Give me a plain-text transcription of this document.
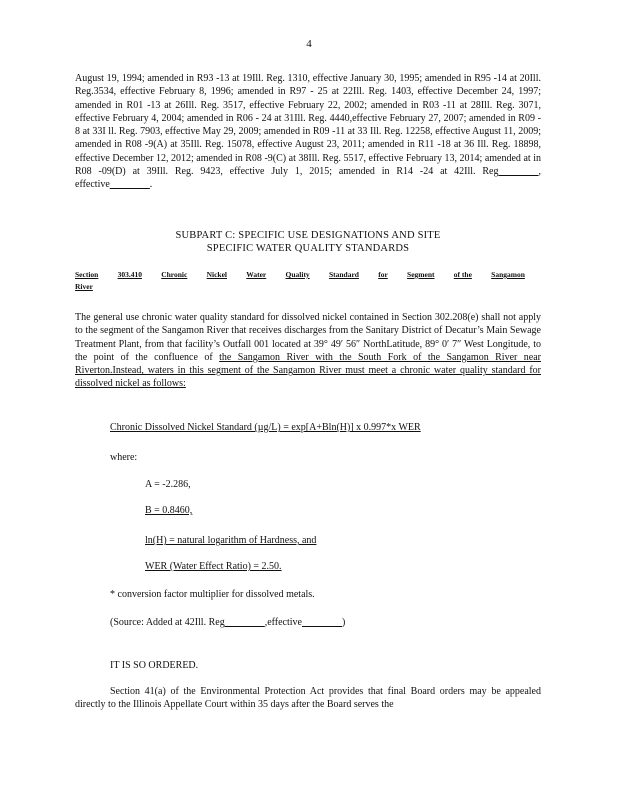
4
August 19, 1994; amended in R93 -13 at 19Ill. Reg. 1310, effective January 30, 1995; amended in R95 -14 at 20Ill. Reg.3534, effective February 8, 1996; amended in R97 - 25 at 22Ill. Reg. 1403, effective December 24, 1997; amended in R01 -13 at 26Ill. Reg. 3517, effective February 22, 2002; amended in R03 -11 at 28Ill. Reg. 3071, effective February 4, 2004; amended in R06 - 24 at 31Ill. Reg. 4440,effective February 27, 2007; amended in R09 - 8 at 33I ll. Reg. 7903, effective May 29, 2009; amended in R09 -11 at 33 Ill. Reg. 12258, effective August 11, 2009; amended in R08 -9(A) at 35Ill. Reg. 15078, effective August 23, 2011; amended in R11 -18 at 36 Ill. Reg. 18898, effective December 12, 2012; amended in R08 -9(C) at 38Ill. Reg. 5517, effective February 13, 2014; amended at in R08 -09(D) at 39Ill. Reg. 9423, effective July 1, 2015; amended in R14 -24 at 42Ill. Reg________, effective________.
SUBPART C: SPECIFIC USE DESIGNATIONS AND SITE
SPECIFIC WATER QUALITY STANDARDS
Section	303.410	Chronic	Nickel	Water	Quality	Standard	for	Segment	of the	Sangamon
River
The general use chronic water quality standard for dissolved nickel contained in Section 302.208(e) shall not apply to the segment of the Sangamon River that receives discharges from the Sanitary District of Decatur’s Main Sewage Treatment Plant, from that facility’s Outfall 001 located at 39° 49′ 56″ NorthLatitude, 89° 0′ 7″ West Longitude, to the point of the confluence of the Sangamon River with the South Fork of the Sangamon River near Riverton.Instead, waters in this segment of the Sangamon River must meet a chronic water quality standard for dissolved nickel as follows:
Chronic Dissolved Nickel Standard (µg/L) = exp[A+Bln(H)] x 0.997*x WER
where:
A = -2.286,
B = 0.8460,
ln(H) = natural logarithm of Hardness, and
WER (Water Effect Ratio) = 2.50.
* conversion factor multiplier for dissolved metals.
(Source: Added at 42Ill. Reg________,effective________)
IT IS SO ORDERED.
Section 41(a) of the Environmental Protection Act provides that final Board orders may be appealed directly to the Illinois Appellate Court within 35 days after the Board serves the
